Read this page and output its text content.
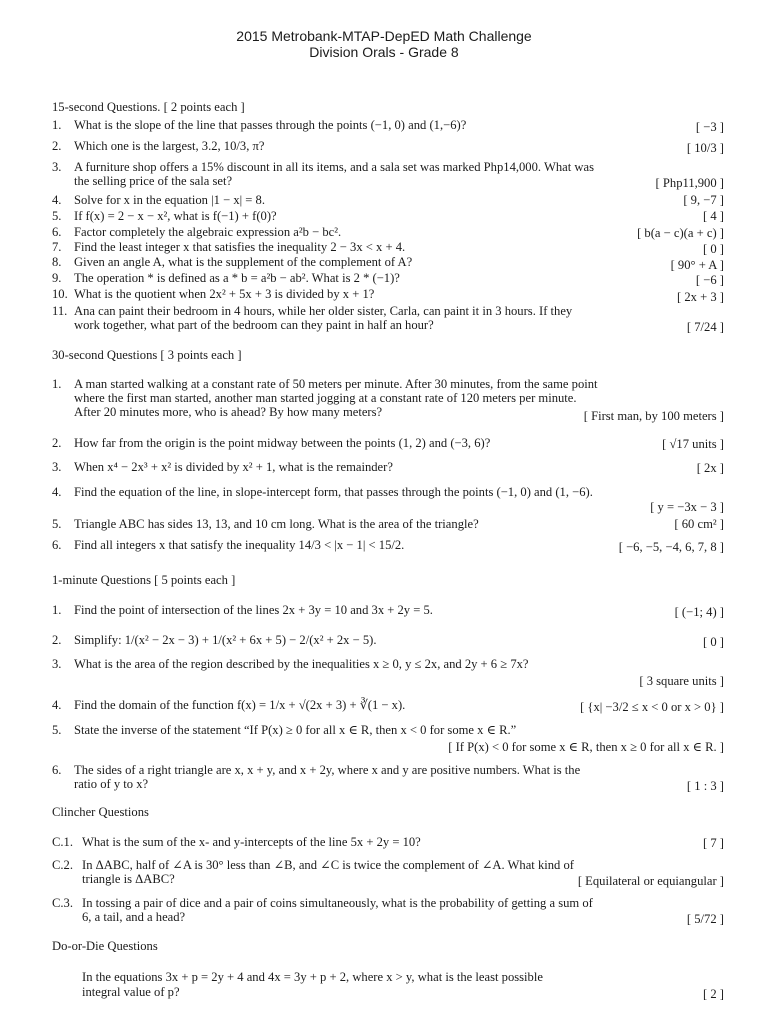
2015 Metrobank-MTAP-DepED Math Challenge
Division Orals - Grade 8
15-second Questions. [ 2 points each ]
1. What is the slope of the line that passes through the points (−1, 0) and (1,−6)?	[ −3 ]
2. Which one is the largest, 3.2, 10/3, π?	[ 10/3 ]
3. A furniture shop offers a 15% discount in all its items, and a sala set was marked Php14,000. What was
the selling price of the sala set?	[ Php11,900 ]
4. Solve for x in the equation |1 − x| = 8.	[ 9, −7 ]
5. If f(x) = 2 − x − x², what is f(−1) + f(0)?	[ 4 ]
6. Factor completely the algebraic expression a²b − bc².	[ b(a − c)(a + c) ]
7. Find the least integer x that satisfies the inequality 2 − 3x < x + 4.	[ 0 ]
8. Given an angle A, what is the supplement of the complement of A?	[ 90° + A ]
9. The operation * is defined as a * b = a²b − ab². What is 2 * (−1)?	[ −6 ]
10. What is the quotient when 2x² + 5x + 3 is divided by x + 1?	[ 2x + 3 ]
11. Ana can paint their bedroom in 4 hours, while her older sister, Carla, can paint it in 3 hours. If they
work together, what part of the bedroom can they paint in half an hour?	[ 7/24 ]
30-second Questions [ 3 points each ]
1. A man started walking at a constant rate of 50 meters per minute. After 30 minutes, from the same point
where the first man started, another man started jogging at a constant rate of 120 meters per minute.
After 20 minutes more, who is ahead? By how many meters?	[ First man, by 100 meters ]
2. How far from the origin is the point midway between the points (1, 2) and (−3, 6)?	[ √17 units ]
3. When x⁴ − 2x³ + x² is divided by x² + 1, what is the remainder?	[ 2x ]
4. Find the equation of the line, in slope-intercept form, that passes through the points (−1, 0) and (1, −6).
[ y = −3x − 3 ]
5. Triangle ABC has sides 13, 13, and 10 cm long. What is the area of the triangle?	[ 60 cm² ]
6. Find all integers x that satisfy the inequality 14/3 < |x − 1| < 15/2.	[ −6, −5, −4, 6, 7, 8 ]
1-minute Questions [ 5 points each ]
1. Find the point of intersection of the lines 2x + 3y = 10 and 3x + 2y = 5.	[ (−1; 4) ]
2. Simplify: 1/(x² − 2x − 3) + 1/(x² + 6x + 5) − 2/(x² + 2x − 5).	[ 0 ]
3. What is the area of the region described by the inequalities x ≥ 0, y ≤ 2x, and 2y + 6 ≥ 7x?
[ 3 square units ]
4. Find the domain of the function f(x) = 1/x + √(2x + 3) + ∛(1 − x).	[ {x| −3/2 ≤ x < 0 or x > 0} ]
5. State the inverse of the statement “If P(x) ≥ 0 for all x ∈ R, then x < 0 for some x ∈ R.”
[ If P(x) < 0 for some x ∈ R, then x ≥ 0 for all x ∈ R. ]
6. The sides of a right triangle are x, x + y, and x + 2y, where x and y are positive numbers. What is the
ratio of y to x?	[ 1 : 3 ]
Clincher Questions
C.1. What is the sum of the x- and y-intercepts of the line 5x + 2y = 10?	[ 7 ]
C.2. In ΔABC, half of ∠A is 30° less than ∠B, and ∠C is twice the complement of ∠A. What kind of
triangle is ΔABC?	[ Equilateral or equiangular ]
C.3. In tossing a pair of dice and a pair of coins simultaneously, what is the probability of getting a sum of
6, a tail, and a head?	[ 5/72 ]
Do-or-Die Questions
In the equations 3x + p = 2y + 4 and 4x = 3y + p + 2, where x > y, what is the least possible
integral value of p?	[ 2 ]
